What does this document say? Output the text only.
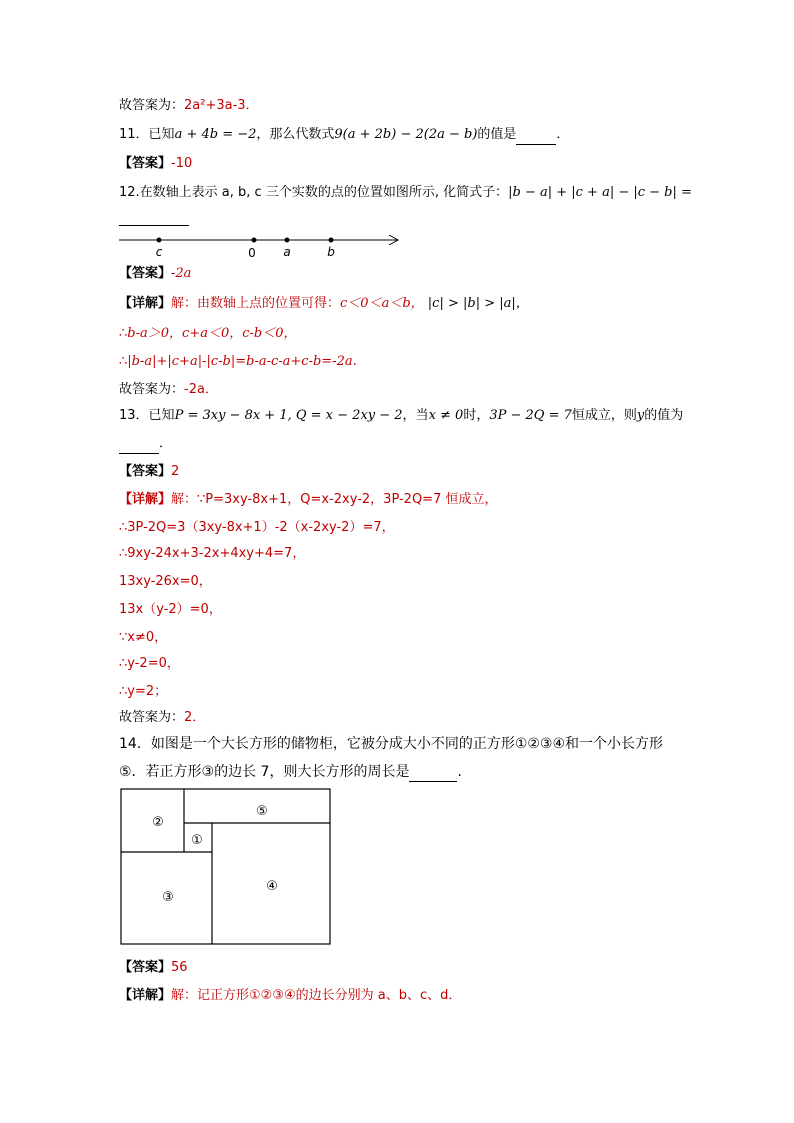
故答案为：2a²+3a-3．
11．已知a + 4b = −2，那么代数式9(a + 2b) − 2(2a − b)的值是	．
【答案】-10
12.在数轴上表示 a, b, c 三个实数的点的位置如图所示, 化简式子：|b − a| + |c + a| − |c − b| =
c	0 a	b
【答案】-2a
【详解】解：由数轴上点的位置可得：c＜0＜a＜b， |c| > |b| > |a|，
∴b-a＞0，c+a＜0，c-b＜0，
∴|b-a|+|c+a|-|c-b|=b-a-c-a+c-b=-2a.
故答案为：-2a．
13．已知P = 3xy − 8x + 1, Q = x − 2xy − 2，当x ≠ 0时，3P − 2Q = 7恒成立，则y的值为
．
【答案】2
【详解】解：∵P=3xy-8x+1，Q=x-2xy-2，3P-2Q=7 恒成立，
∴3P-2Q=3（3xy-8x+1）-2（x-2xy-2）=7，
∴9xy-24x+3-2x+4xy+4=7，
13xy-26x=0，
13x（y-2）=0，
∵x≠0，
∴y-2=0，
∴y=2；
故答案为：2．
14．如图是一个大长方形的储物柜，它被分成大小不同的正方形①②③④和一个小长方形
⑤．若正方形③的边长 7，则大长方形的周长是	．
②
⑤
①
③
④
【答案】56
【详解】解：记正方形①②③④的边长分别为 a、b、c、d．
